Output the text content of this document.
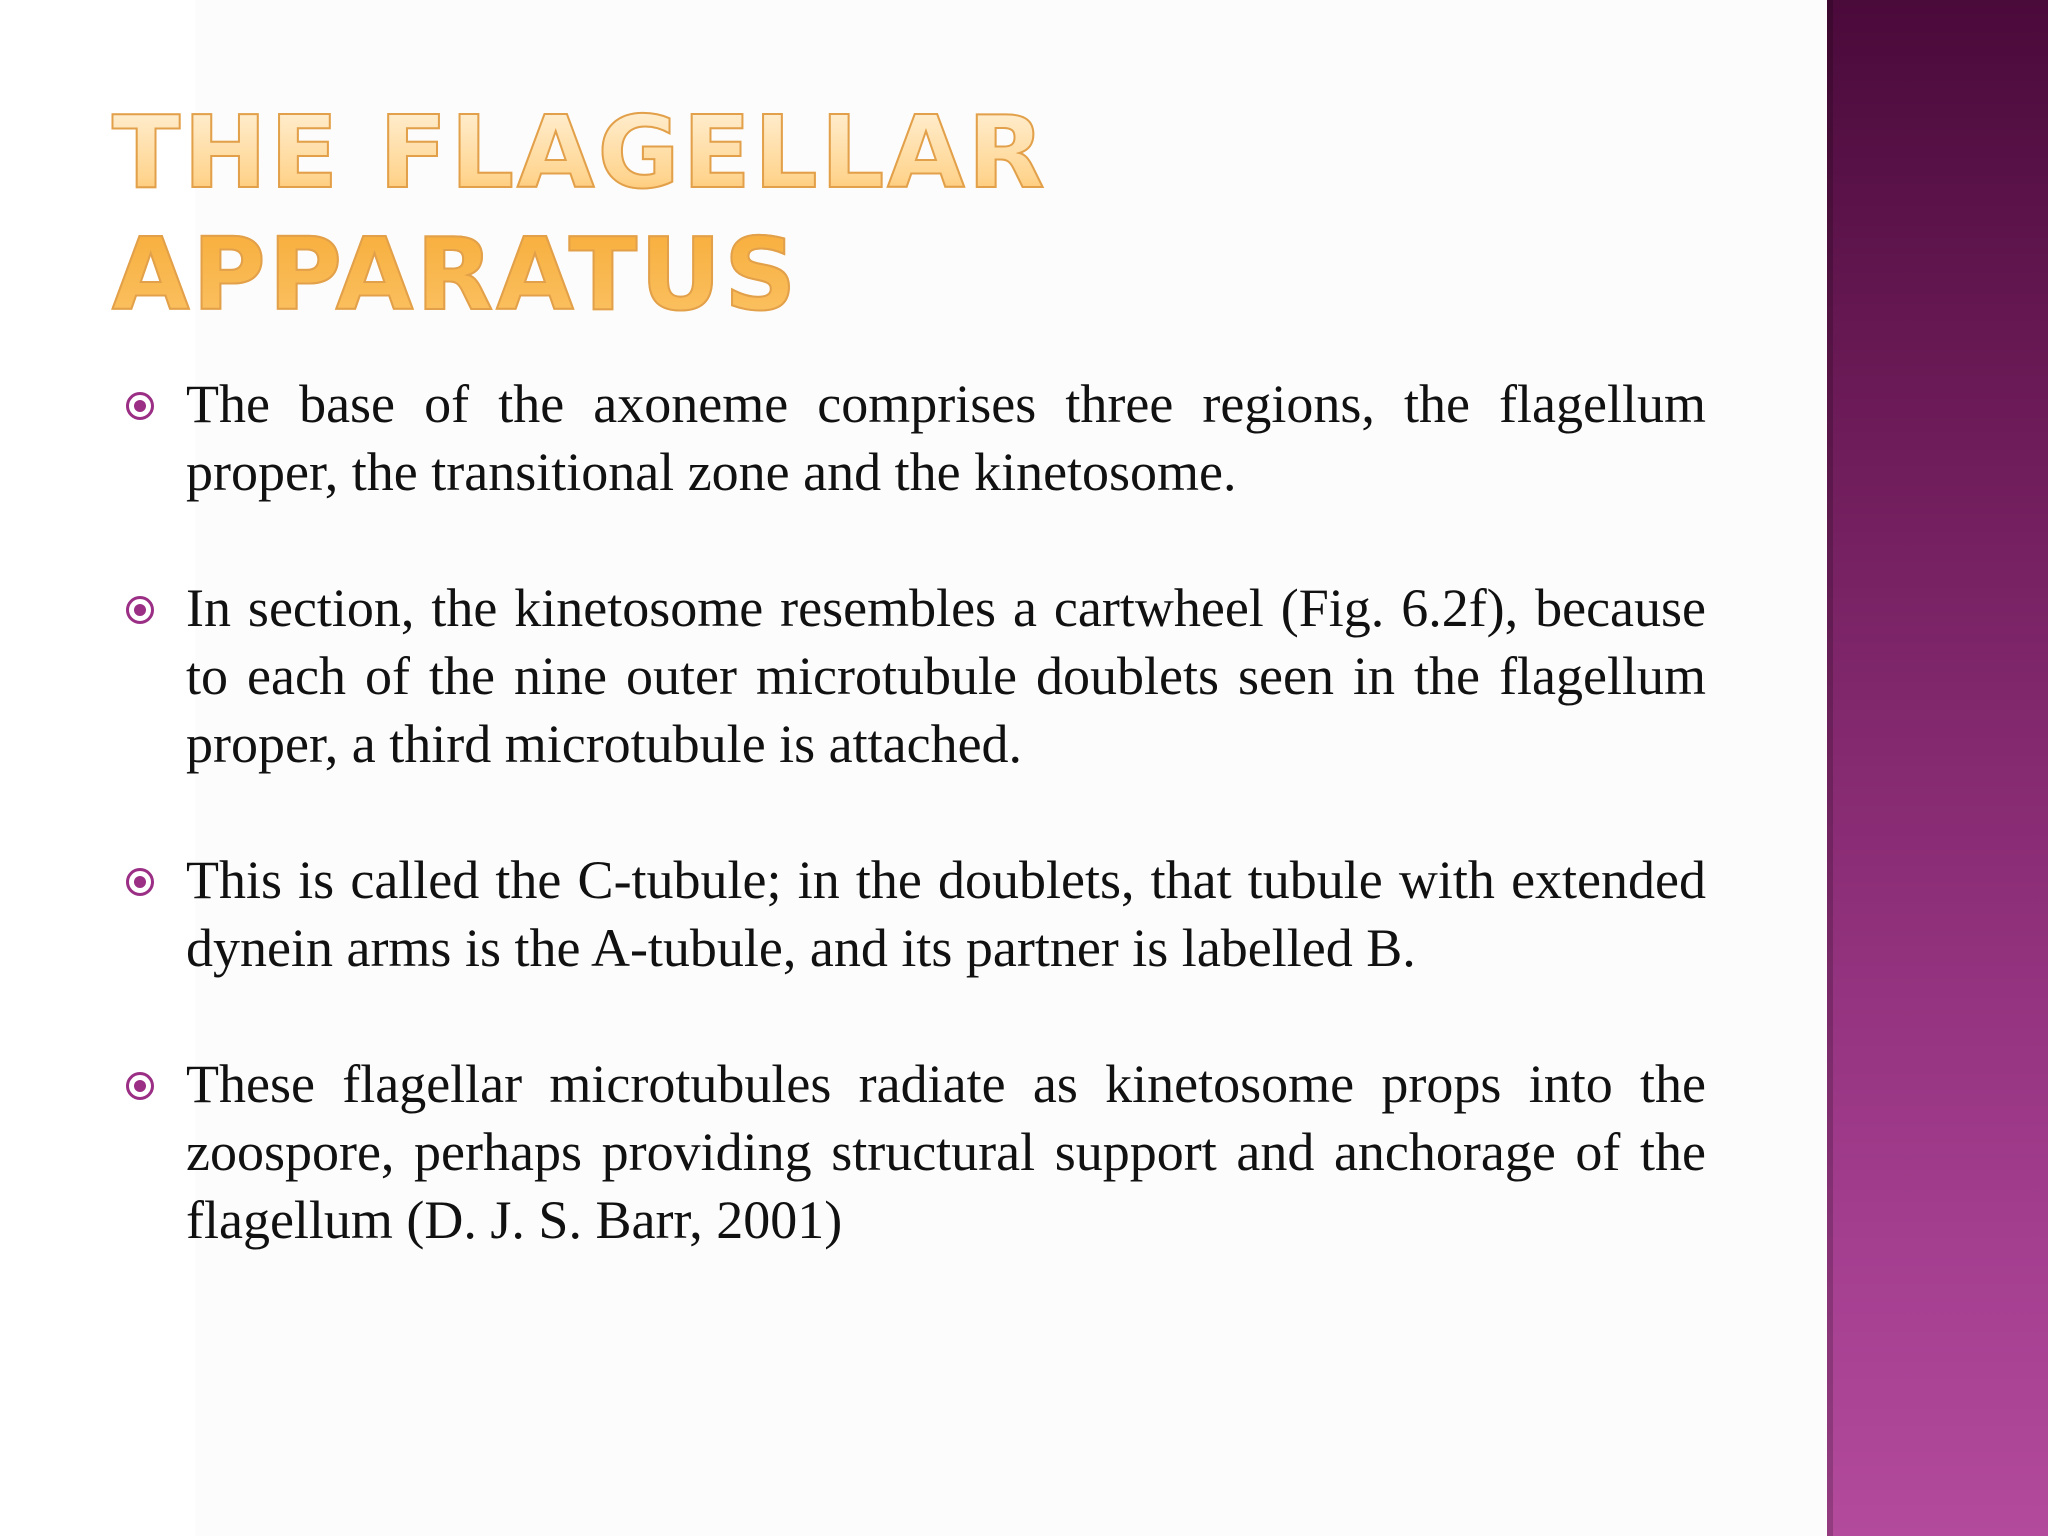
THE FLAGELLAR
APPARATUS
The base of the axoneme comprises three regions, the flagellum proper, the transitional zone and the kinetosome.
In section, the kinetosome resembles a cartwheel (Fig. 6.2f), because to each of the nine outer microtubule doublets seen in the flagellum proper, a third microtubule is attached.
This is called the C-tubule; in the doublets, that tubule with extended dynein arms is the A-tubule, and its partner is labelled B.
These flagellar microtubules radiate as kinetosome props into the zoospore, perhaps providing structural support and anchorage of the flagellum (D. J. S. Barr, 2001)
